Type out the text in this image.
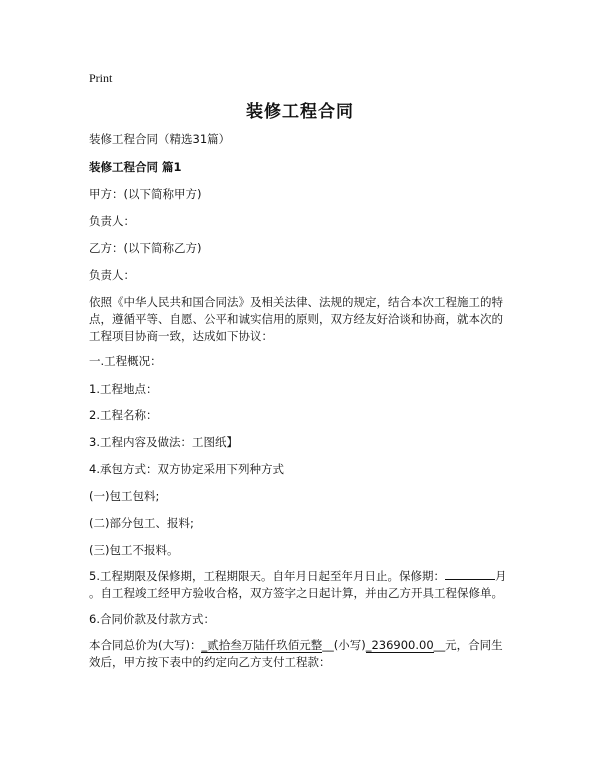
Print
装修工程合同
装修工程合同（精选31篇）
装修工程合同 篇1
甲方：(以下简称甲方)
负责人：
乙方：(以下简称乙方)
负责人：
依照《中华人民共和国合同法》及相关法律、法规的规定，结合本次工程施工的特
点，遵循平等、自愿、公平和诚实信用的原则，双方经友好洽谈和协商，就本次的
工程项目协商一致，达成如下协议：
一.工程概况：
1.工程地点：
2.工程名称：
3.工程内容及做法：工图纸】
4.承包方式：双方协定采用下列种方式
(一)包工包料;
(二)部分包工、报料;
(三)包工不报料。
5.工程期限及保修期，工程期限天。自年月日起至年月日止。保修期：	月
。自工程竣工经甲方验收合格，双方签字之日起计算，并由乙方开具工程保修单。
6.合同价款及付款方式：
本合同总价为(大写)：_贰拾叁万陆仟玖佰元整__(小写)_236900.00__元，合同生
效后，甲方按下表中的约定向乙方支付工程款：
